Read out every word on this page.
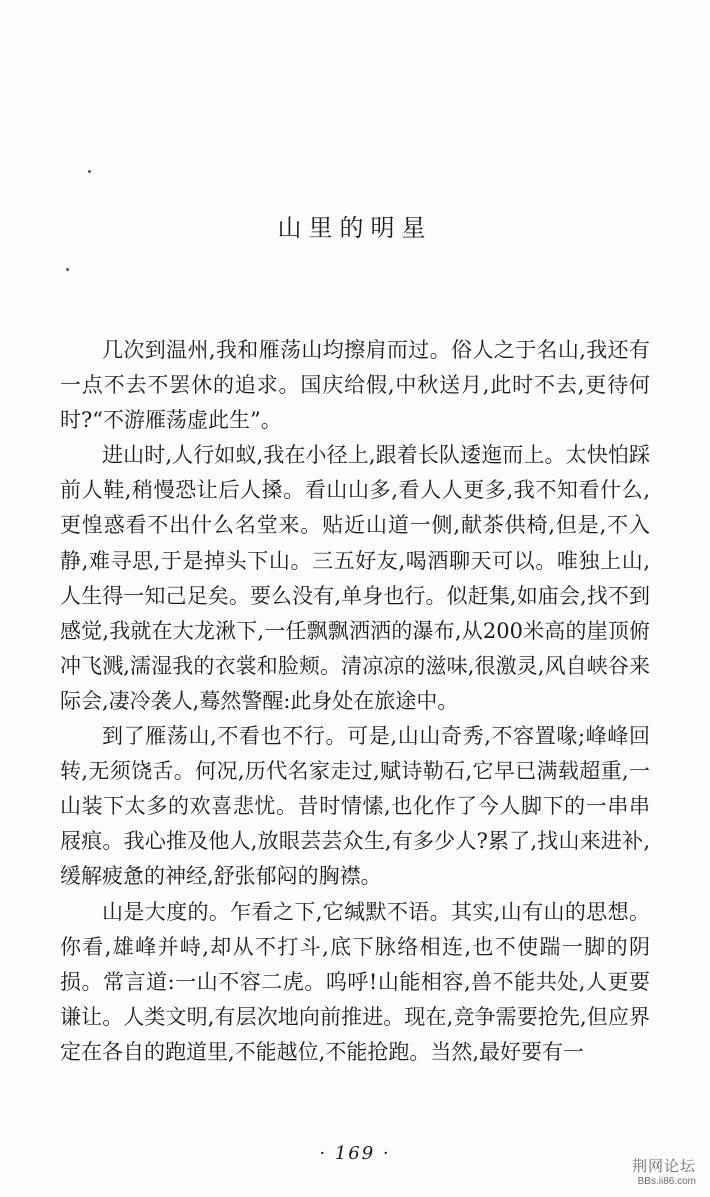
山里的明星

几次到温州,我和雁荡山均擦肩而过。俗人之于名山,我还有一点不去不罢休的追求。国庆给假,中秋送月,此时不去,更待何时?“不游雁荡虚此生”。

进山时,人行如蚁,我在小径上,跟着长队逶迤而上。太快怕踩前人鞋,稍慢恐让后人搡。看山山多,看人人更多,我不知看什么,更惶惑看不出什么名堂来。贴近山道一侧,献茶供椅,但是,不入静,难寻思,于是掉头下山。三五好友,喝酒聊天可以。唯独上山,人生得一知己足矣。要么没有,单身也行。似赶集,如庙会,找不到感觉,我就在大龙湫下,一任飘飘洒洒的瀑布,从200米高的崖顶俯冲飞溅,濡湿我的衣裳和脸颊。清凉凉的滋味,很激灵,风自峡谷来际会,凄冷袭人,蓦然警醒:此身处在旅途中。

到了雁荡山,不看也不行。可是,山山奇秀,不容置喙;峰峰回转,无须饶舌。何况,历代名家走过,赋诗勒石,它早已满载超重,一山装下太多的欢喜悲忧。昔时情愫,也化作了今人脚下的一串串屐痕。我心推及他人,放眼芸芸众生,有多少人?累了,找山来进补,缓解疲惫的神经,舒张郁闷的胸襟。

山是大度的。乍看之下,它缄默不语。其实,山有山的思想。你看,雄峰并峙,却从不打斗,底下脉络相连,也不使踹一脚的阴损。常言道:一山不容二虎。呜呼!山能相容,兽不能共处,人更要谦让。人类文明,有层次地向前推进。现在,竞争需要抢先,但应界定在各自的跑道里,不能越位,不能抢跑。当然,最好要有一

· 169 ·
荆网论坛
BBs.ii86.com
